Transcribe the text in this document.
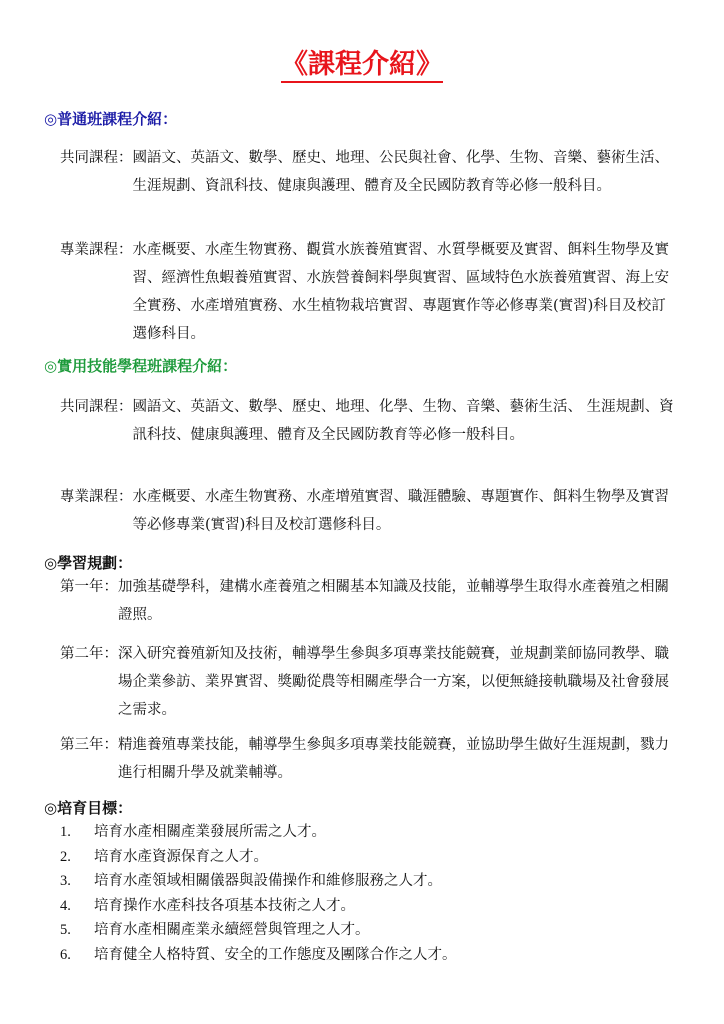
《課程介紹》
◎普通班課程介紹：
共同課程： 國語文、英語文、數學、歷史、地理、公民與社會、化學、生物、音樂、藝術生活、 生涯規劃、資訊科技、健康與護理、體育及全民國防教育等必修一般科目。
專業課程： 水產概要、水產生物實務、觀賞水族養殖實習、水質學概要及實習、餌料生物學及實習、經濟性魚蝦養殖實習、水族營養飼料學與實習、區域特色水族養殖實習、海上安全實務、水產增殖實務、水生植物栽培實習、專題實作等必修專業(實習)科目及校訂選修科目。
◎實用技能學程班課程介紹：
共同課程： 國語文、英語文、數學、歷史、地理、化學、生物、音樂、藝術生活、 生涯規劃、資訊科技、健康與護理、體育及全民國防教育等必修一般科目。
專業課程： 水產概要、水產生物實務、水產增殖實習、職涯體驗、專題實作、餌料生物學及實習等必修專業(實習)科目及校訂選修科目。
◎學習規劃：
第一年： 加強基礎學科，建構水產養殖之相關基本知識及技能，並輔導學生取得水產養殖之相關證照。
第二年： 深入研究養殖新知及技術，輔導學生參與多項專業技能競賽，並規劃業師協同教學、職場企業參訪、業界實習、獎勵從農等相關產學合一方案，以便無縫接軌職場及社會發展之需求。
第三年： 精進養殖專業技能，輔導學生參與多項專業技能競賽，並協助學生做好生涯規劃，戮力進行相關升學及就業輔導。
◎培育目標：
1.	培育水產相關產業發展所需之人才。
2.	培育水產資源保育之人才。
3.	培育水產領域相關儀器與設備操作和維修服務之人才。
4.	培育操作水產科技各項基本技術之人才。
5.	培育水產相關產業永續經營與管理之人才。
6.	培育健全人格特質、安全的工作態度及團隊合作之人才。
